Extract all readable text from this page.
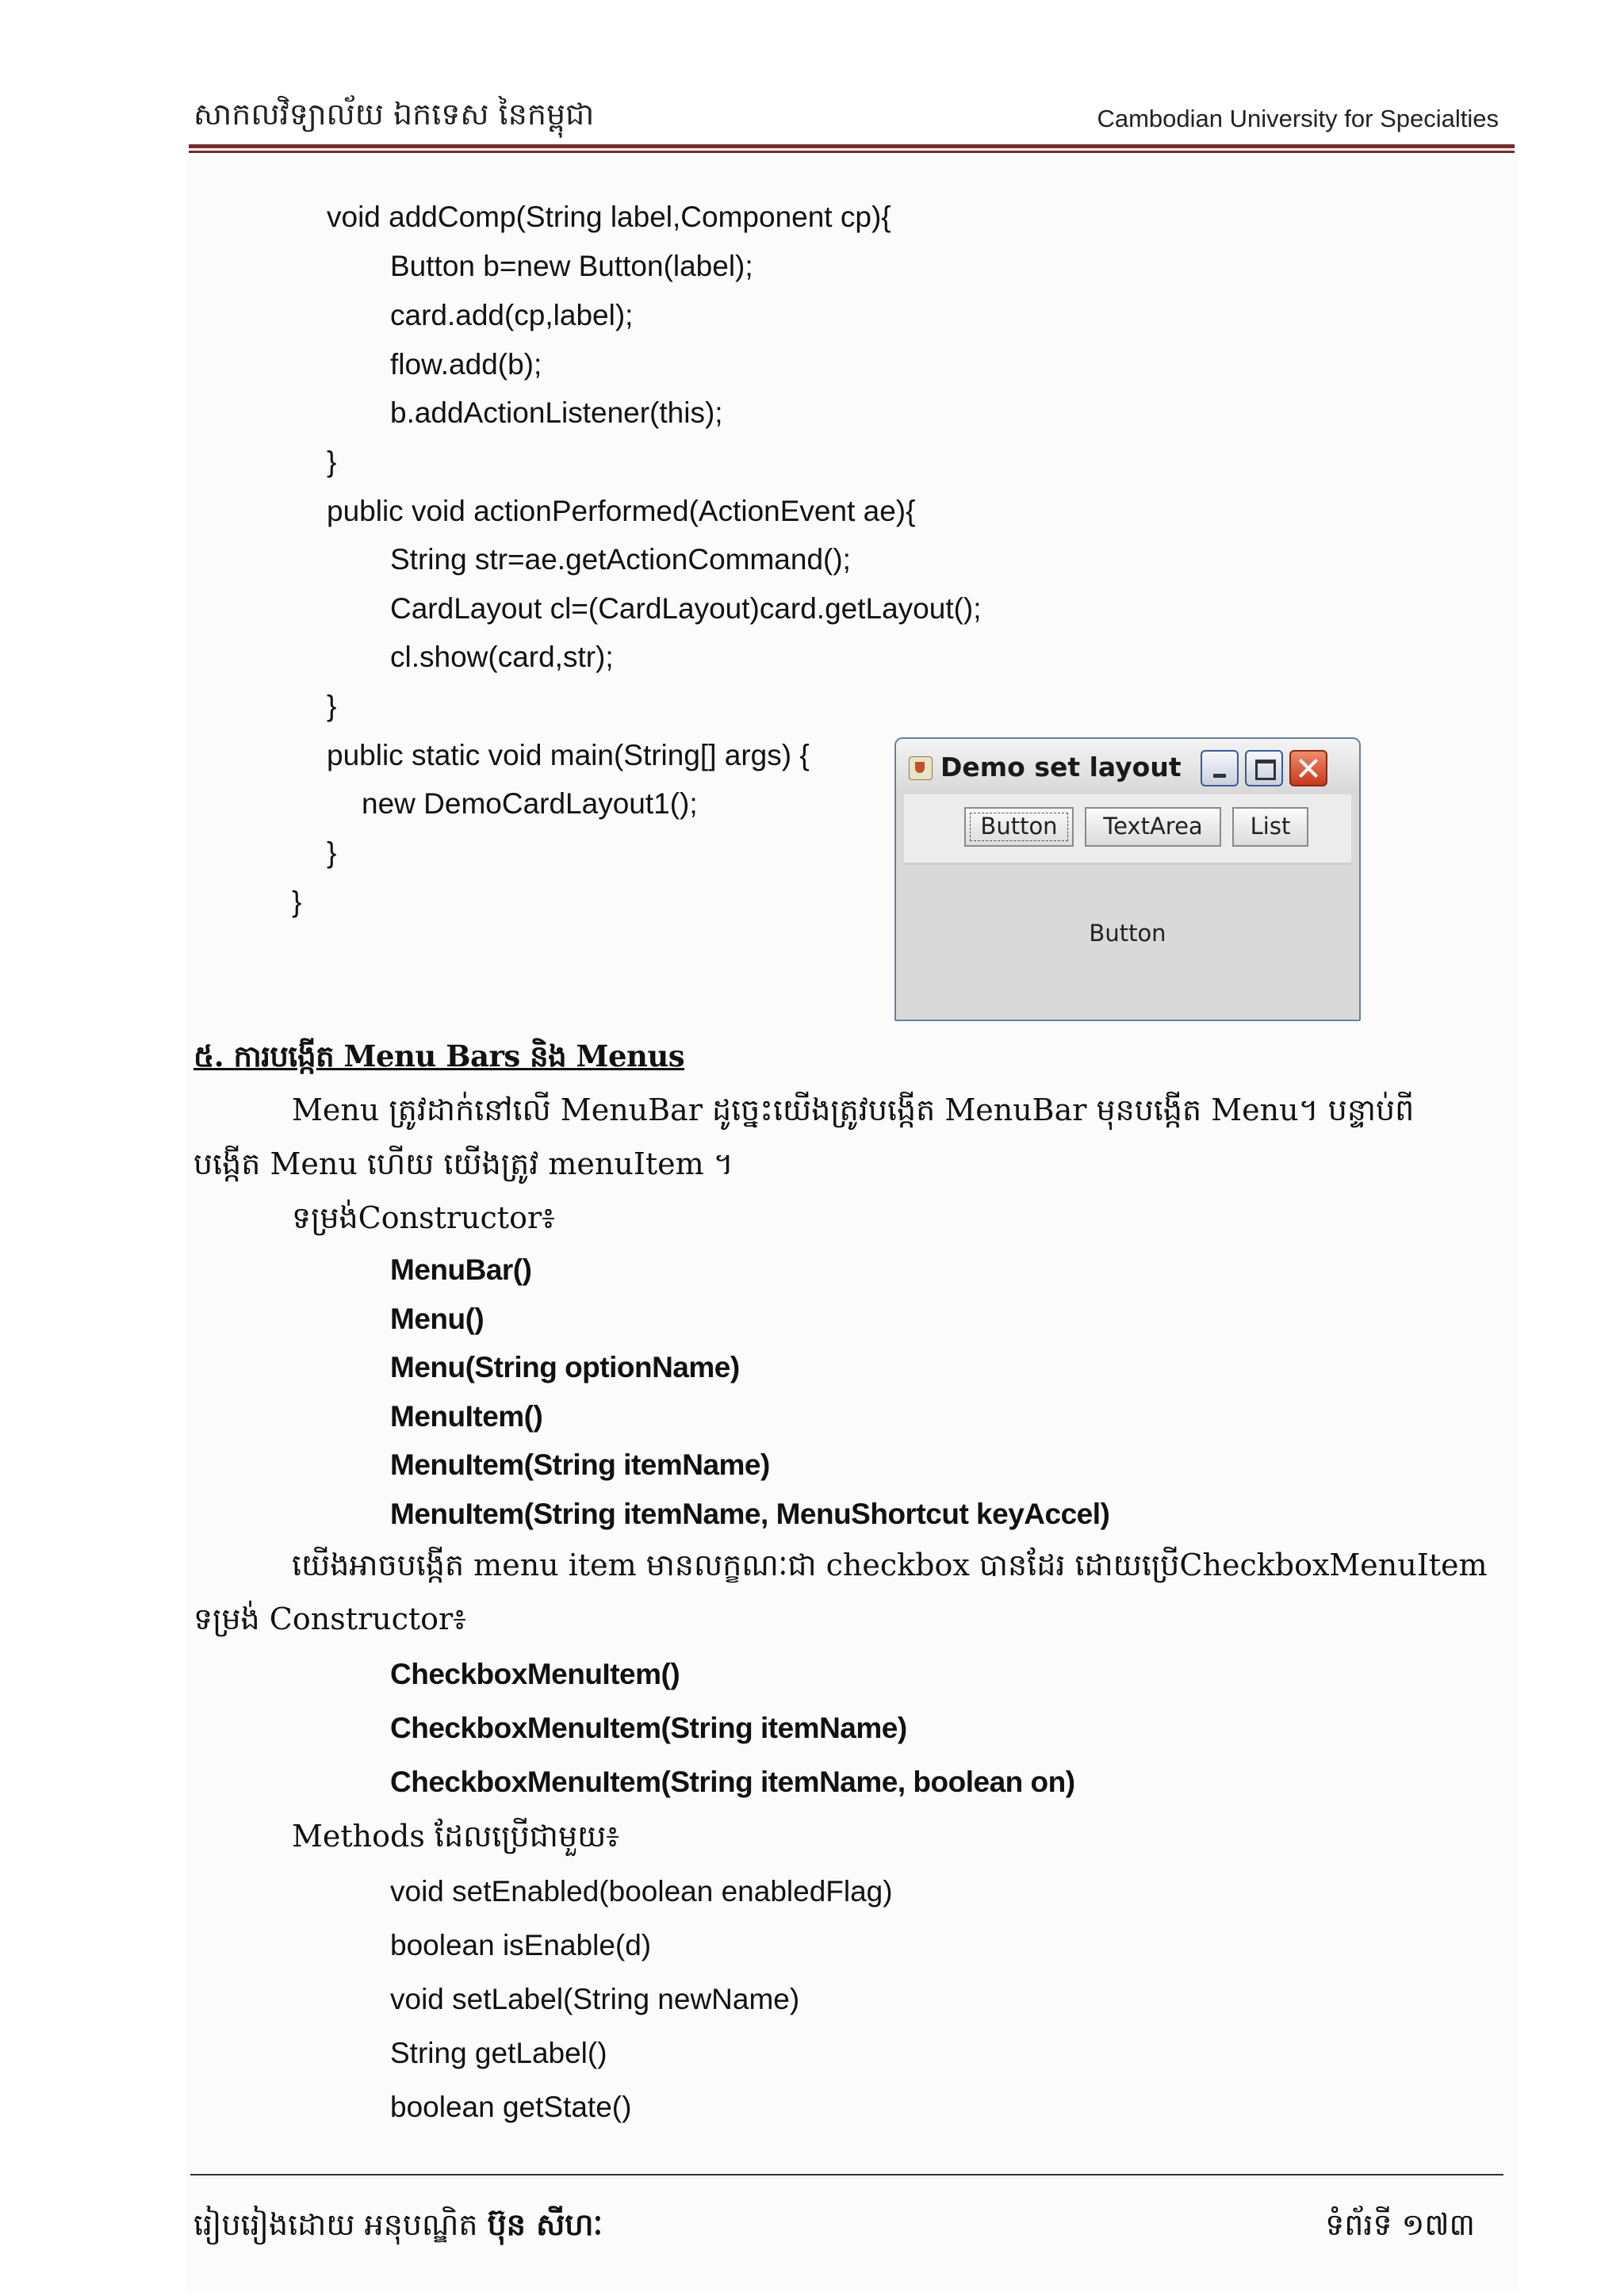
សាកលវិទ្យាល័យ ឯកទេស នៃកម្ពុជា	Cambodian University for Specialties
void addComp(String label,Component cp){
Button b=new Button(label);
card.add(cp,label);
flow.add(b);
b.addActionListener(this);
}
public void actionPerformed(ActionEvent ae){
String str=ae.getActionCommand();
CardLayout cl=(CardLayout)card.getLayout();
cl.show(card,str);
}
public static void main(String[] args) {
new DemoCardLayout1();
}
}
Demo set layout
Button	TextArea	List
Button
៥. ការបង្កើត Menu Bars និង Menus
Menu ត្រូវដាក់នៅលើ MenuBar ដូច្នេះយើងត្រូវបង្កើត MenuBar មុនបង្កើត Menu។ បន្ទាប់ពី
បង្កើត Menu ហើយ យើងត្រូវ menuItem ។
ទម្រង់Constructor៖
MenuBar()
Menu()
Menu(String optionName)
MenuItem()
MenuItem(String itemName)
MenuItem(String itemName, MenuShortcut keyAccel)
យើងអាចបង្កើត menu item មានលក្ខណៈជា checkbox បានដែរ ដោយប្រើCheckboxMenuItem
ទម្រង់ Constructor៖
CheckboxMenuItem()
CheckboxMenuItem(String itemName)
CheckboxMenuItem(String itemName, boolean on)
Methods ដែលប្រើជាមួយ៖
void setEnabled(boolean enabledFlag)
boolean isEnable(d)
void setLabel(String newName)
String getLabel()
boolean getState()
រៀបរៀងដោយ អនុបណ្ឌិត ប៊ុន សីហៈ	ទំព័រទី ១៧៣
